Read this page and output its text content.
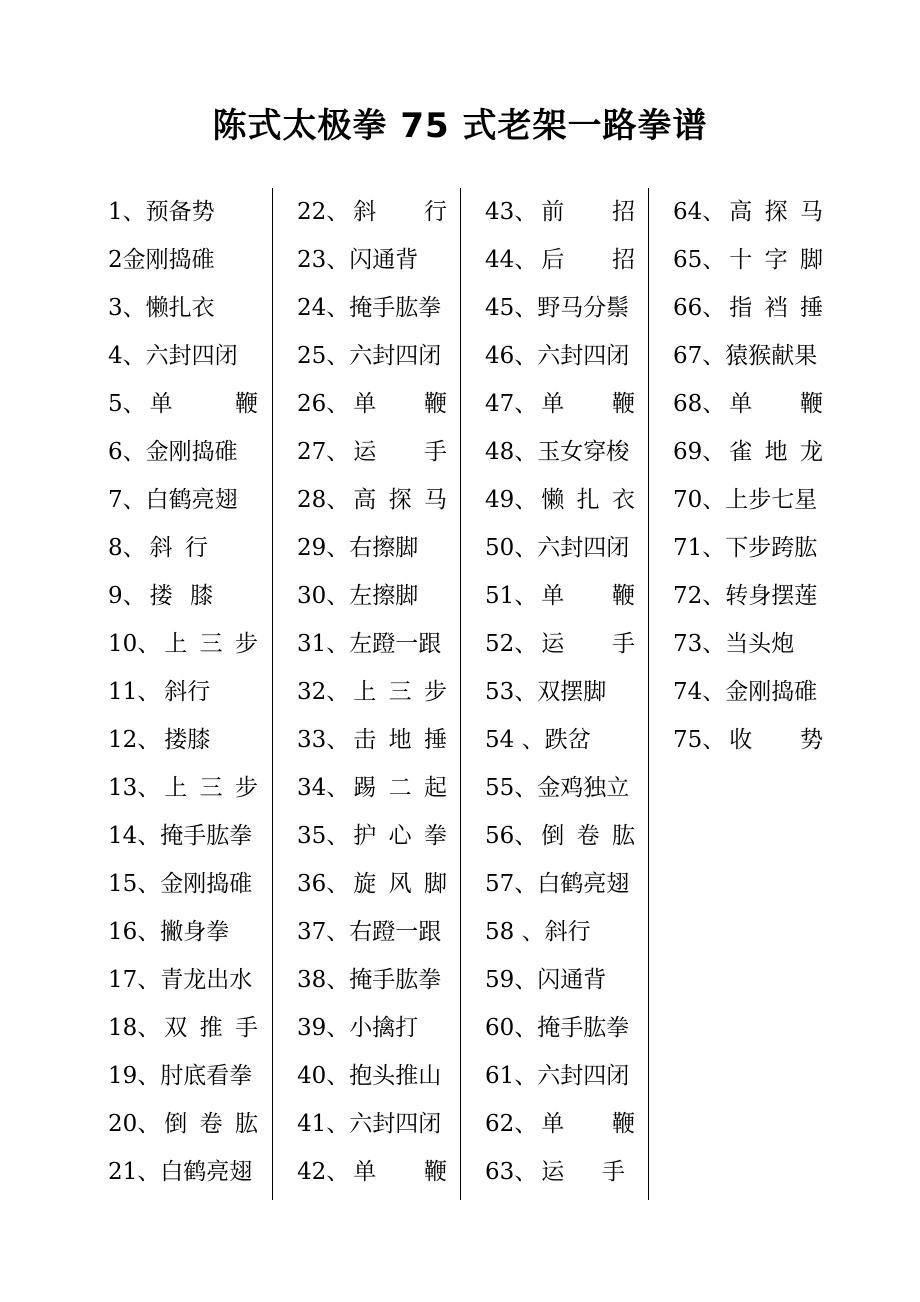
陈式太极拳 75 式老架一路拳谱
1、 预备势
2 金刚捣碓
3、 懒扎衣
4、 六封四闭
5、 单	鞭
6、 金刚捣碓
7、 白鹤亮翅
8、 斜 行
9、 搂 膝
10、 上 三 步
11、 斜 行
12、 搂 膝
13、 上 三 步
14、 掩手肱拳
15、 金刚捣碓
16、 撇身拳
17、 青龙出水
18、 双 推 手
19、 肘底看拳
20、 倒 卷 肱
21、 白鹤亮翅
22、 斜 行
23、 闪通背
24、 掩手肱拳
25、 六封四闭
26、 单 鞭
27、 运 手
28、 高 探 马
29、 右擦脚
30、 左擦脚
31、 左蹬一跟
32、 上 三 步
33、 击 地 捶
34、 踢 二 起
35、 护 心 拳
36、 旋 风 脚
37、 右蹬一跟
38、 掩手肱拳
39、 小擒打
40、 抱头推山
41、 六封四闭
42、 单 鞭
43、 前 招
44、 后 招
45、 野马分鬃
46、 六封四闭
47、 单 鞭
48、 玉女穿梭
49、 懒 扎 衣
50、 六封四闭
51、 单 鞭
52、 运 手
53、 双摆脚
54 、 跌岔
55、 金鸡独立
56、 倒 卷 肱
57、 白鹤亮翅
58 、 斜行
59、 闪通背
60、 掩手肱拳
61、 六封四闭
62、 单 鞭
63、 运 手
64、 高 探 马
65、 十 字 脚
66、 指 裆 捶
67、 猿猴献果
68、 单 鞭
69、 雀 地 龙
70、 上步七星
71、 下步跨肱
72、 转身摆莲
73、 当头炮
74、 金刚捣碓
75、 收 势
